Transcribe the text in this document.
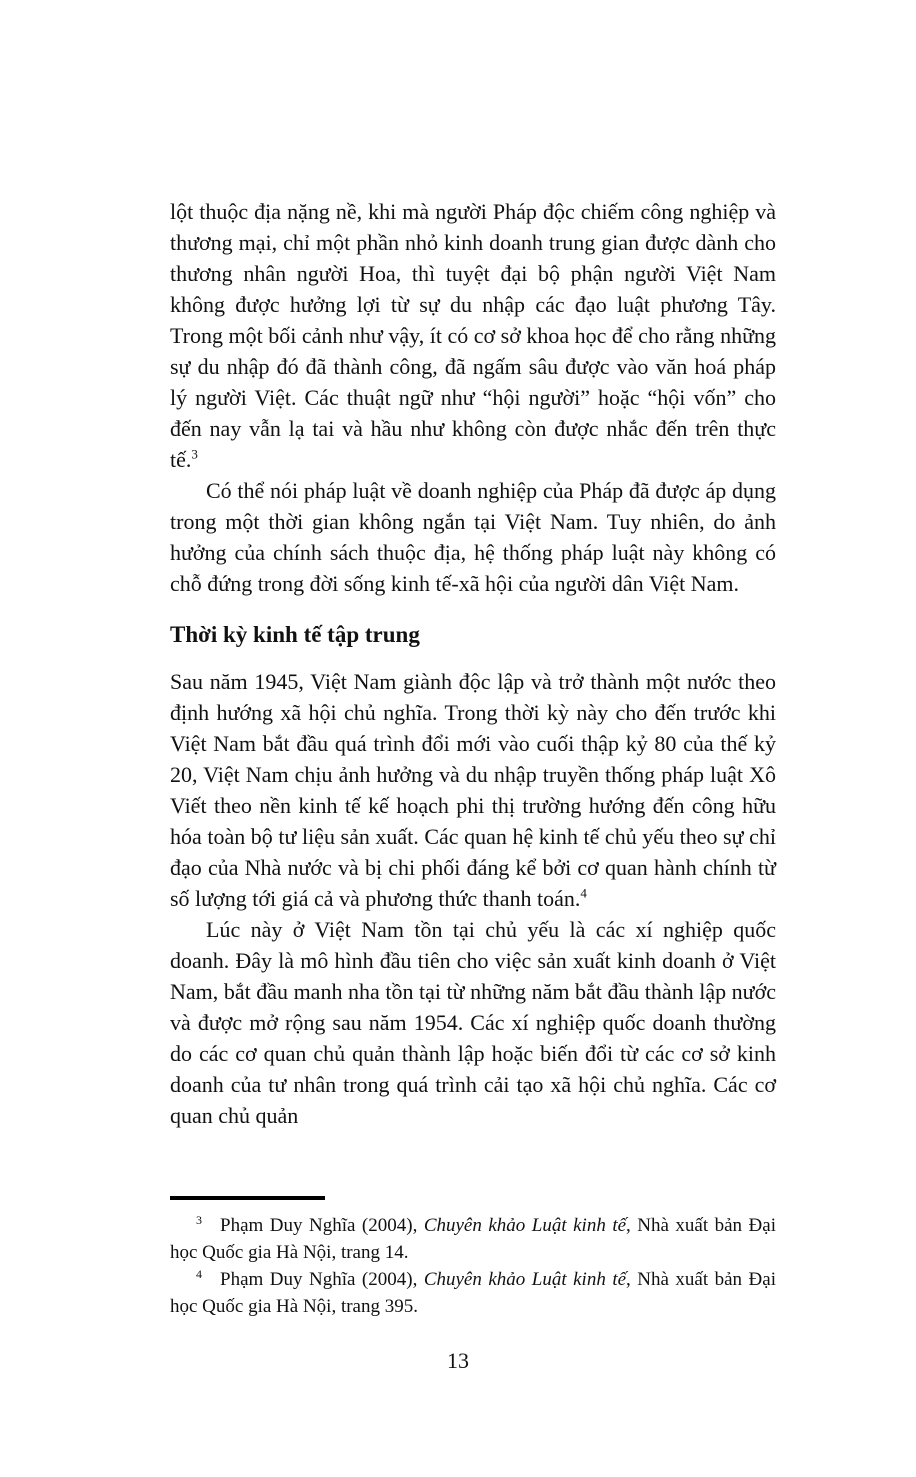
lột thuộc địa nặng nề, khi mà người Pháp độc chiếm công nghiệp và thương mại, chỉ một phần nhỏ kinh doanh trung gian được dành cho thương nhân người Hoa, thì tuyệt đại bộ phận người Việt Nam không được hưởng lợi từ sự du nhập các đạo luật phương Tây. Trong một bối cảnh như vậy, ít có cơ sở khoa học để cho rằng những sự du nhập đó đã thành công, đã ngấm sâu được vào văn hoá pháp lý người Việt. Các thuật ngữ như “hội người” hoặc “hội vốn” cho đến nay vẫn lạ tai và hầu như không còn được nhắc đến trên thực tế.$^3$

Có thể nói pháp luật về doanh nghiệp của Pháp đã được áp dụng trong một thời gian không ngắn tại Việt Nam. Tuy nhiên, do ảnh hưởng của chính sách thuộc địa, hệ thống pháp luật này không có chỗ đứng trong đời sống kinh tế-xã hội của người dân Việt Nam.

Thời kỳ kinh tế tập trung

Sau năm 1945, Việt Nam giành độc lập và trở thành một nước theo định hướng xã hội chủ nghĩa. Trong thời kỳ này cho đến trước khi Việt Nam bắt đầu quá trình đổi mới vào cuối thập kỷ 80 của thế kỷ 20, Việt Nam chịu ảnh hưởng và du nhập truyền thống pháp luật Xô Viết theo nền kinh tế kế hoạch phi thị trường hướng đến công hữu hóa toàn bộ tư liệu sản xuất. Các quan hệ kinh tế chủ yếu theo sự chỉ đạo của Nhà nước và bị chi phối đáng kể bởi cơ quan hành chính từ số lượng tới giá cả và phương thức thanh toán.$^4$

Lúc này ở Việt Nam tồn tại chủ yếu là các xí nghiệp quốc doanh. Đây là mô hình đầu tiên cho việc sản xuất kinh doanh ở Việt Nam, bắt đầu manh nha tồn tại từ những năm bắt đầu thành lập nước và được mở rộng sau năm 1954. Các xí nghiệp quốc doanh thường do các cơ quan chủ quản thành lập hoặc biến đổi từ các cơ sở kinh doanh của tư nhân trong quá trình cải tạo xã hội chủ nghĩa. Các cơ quan chủ quản

$^3$ Phạm Duy Nghĩa (2004), Chuyên khảo Luật kinh tế, Nhà xuất bản Đại học Quốc gia Hà Nội, trang 14.

$^4$ Phạm Duy Nghĩa (2004), Chuyên khảo Luật kinh tế, Nhà xuất bản Đại học Quốc gia Hà Nội, trang 395.

13
